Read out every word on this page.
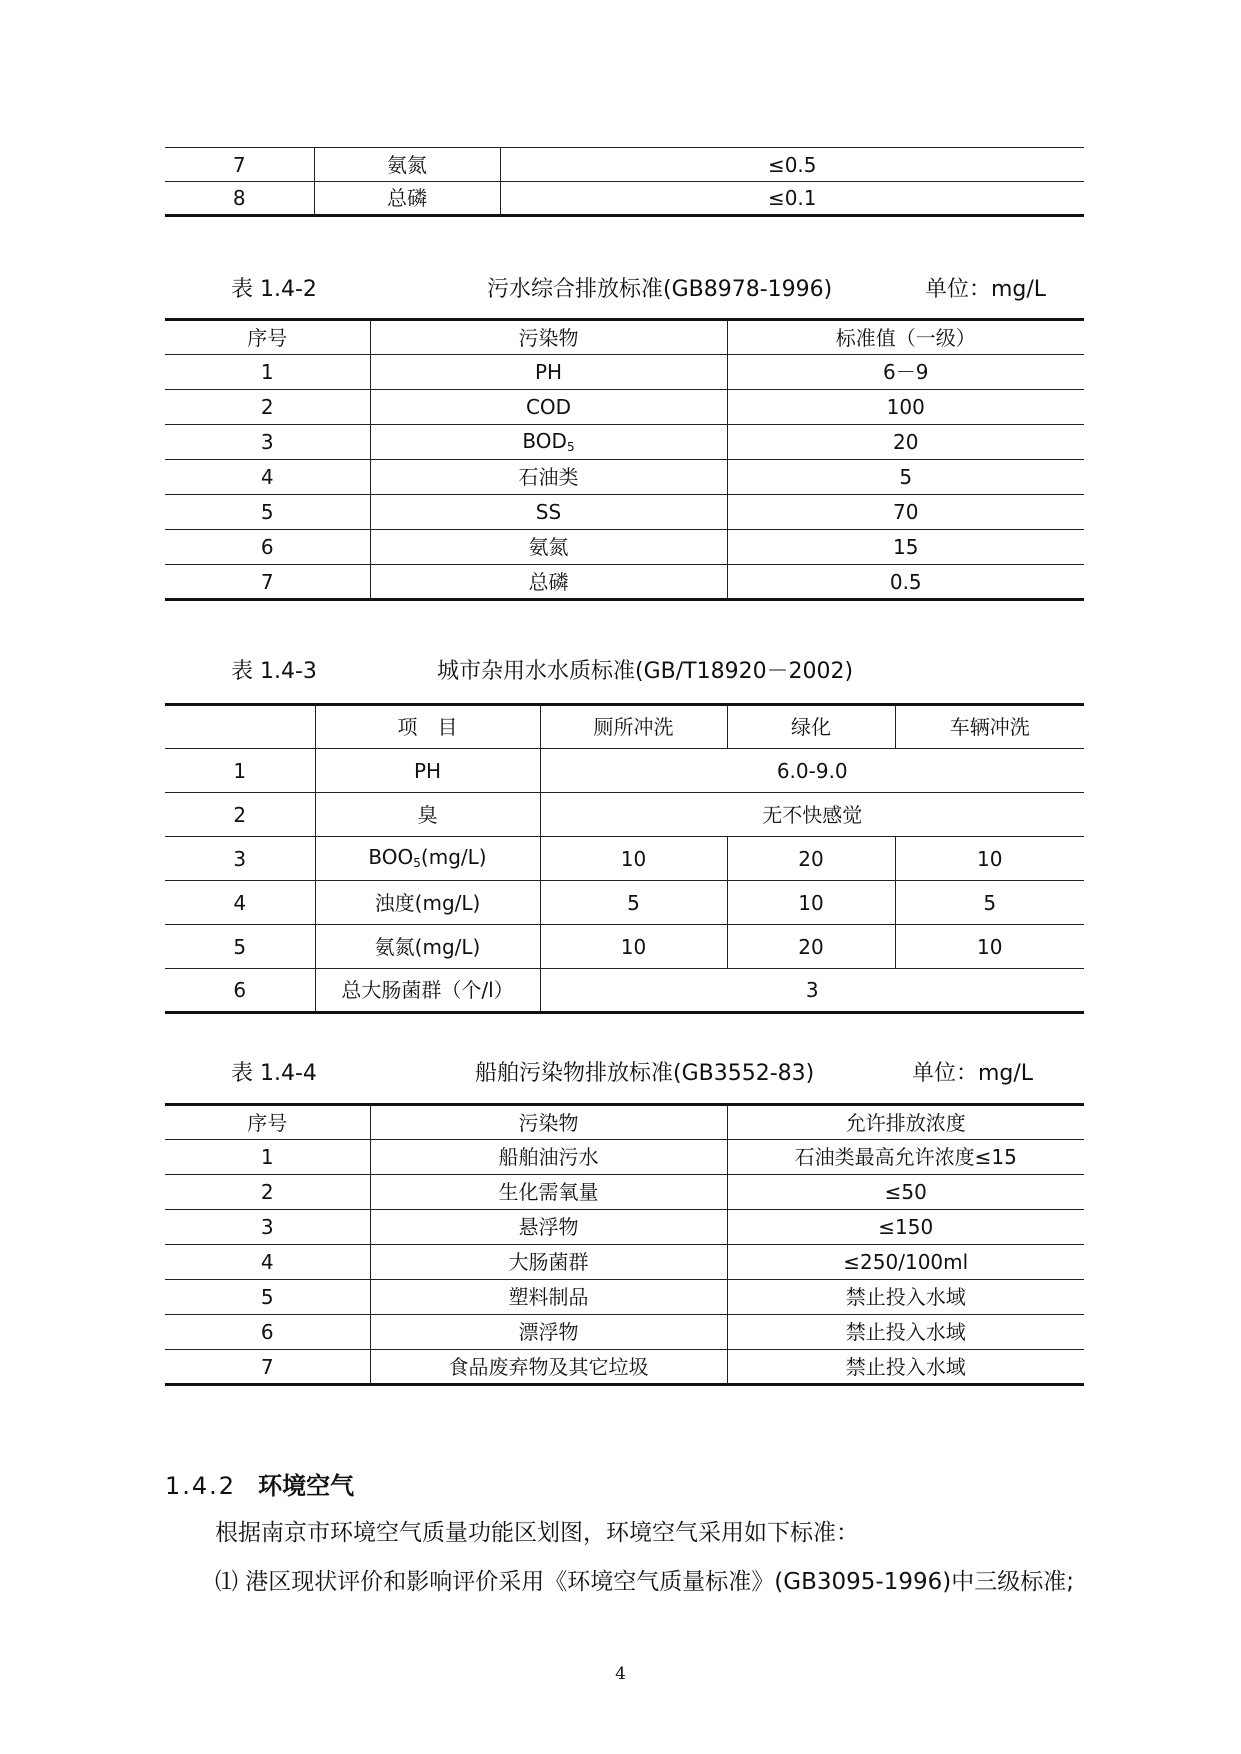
7	氨氮	≤0.5
8	总磷	≤0.1
表 1.4-2	污水综合排放标准(GB8978-1996)	单位：mg/L
序号	污染物	标准值（一级）
1	PH	6－9
2	COD	100
3	$BOD_5$	20
4	石油类	5
5	SS	70
6	氨氮	15
7	总磷	0.5
表 1.4-3	城市杂用水水质标准(GB/T18920－2002)
	项　目	厕所冲洗	绿化	车辆冲洗
1	PH	6.0-9.0		
2	臭	无不快感觉		
3	$BOO_5(mg/L)$	10	20	10
4	浊度(mg/L)	5	10	5
5	氨氮(mg/L)	10	20	10
6	总大肠菌群（个/l）	3		
表 1.4-4	船舶污染物排放标准(GB3552-83)	单位：mg/L
序号	污染物	允许排放浓度
1	船舶油污水	石油类最高允许浓度≤15
2	生化需氧量	≤50
3	悬浮物	≤150
4	大肠菌群	≤250/100ml
5	塑料制品	禁止投入水域
6	漂浮物	禁止投入水域
7	食品废弃物及其它垃圾	禁止投入水域
1.4.2 环境空气
根据南京市环境空气质量功能区划图，环境空气采用如下标准：
⑴ 港区现状评价和影响评价采用《环境空气质量标准》(GB3095-1996)中三级标准;
4
